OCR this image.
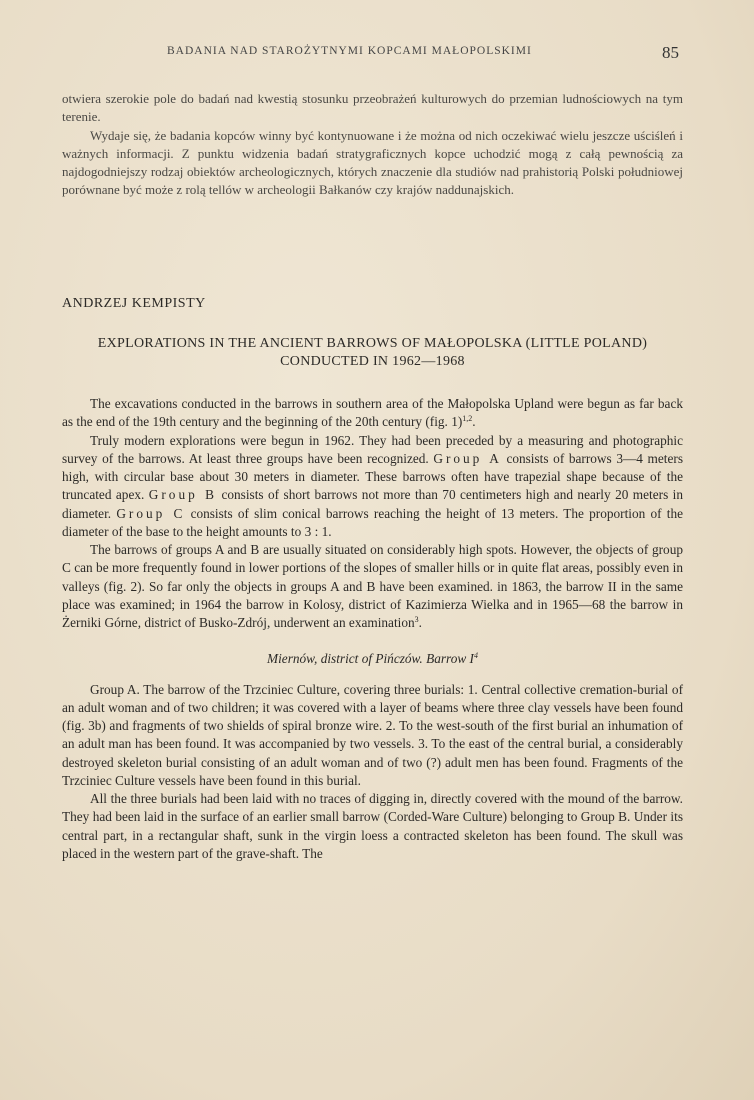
BADANIA NAD STAROŻYTNYMI KOPCAMI MAŁOPOLSKIMI	85

otwiera szerokie pole do badań nad kwestią stosunku przeobrażeń kulturowych do przemian ludnościowych na tym terenie.

Wydaje się, że badania kopców winny być kontynuowane i że można od nich oczekiwać wielu jeszcze uściśleń i ważnych informacji. Z punktu widzenia badań stratygraficznych kopce uchodzić mogą z całą pewnością za najdogodniejszy rodzaj obiektów archeologicznych, których znaczenie dla studiów nad prahistorią Polski południowej porównane być może z rolą tellów w archeologii Bałkanów czy krajów naddunajskich.

ANDRZEJ KEMPISTY
EXPLORATIONS IN THE ANCIENT BARROWS OF MAŁOPOLSKA (LITTLE POLAND) CONDUCTED IN 1962—1968

The excavations conducted in the barrows in southern area of the Małopolska Upland were begun as far back as the end of the 19th century and the beginning of the 20th century (fig. 1)$^{1,2}$.

Truly modern explorations were begun in 1962. They had been preceded by a measuring and photographic survey of the barrows. At least three groups have been recognized. Group A consists of barrows 3—4 meters high, with circular base about 30 meters in diameter. These barrows often have trapezial shape because of the truncated apex. Group B consists of short barrows not more than 70 centimeters high and nearly 20 meters in diameter. Group C consists of slim conical barrows reaching the height of 13 meters. The proportion of the diameter of the base to the height amounts to 3 : 1.

The barrows of groups A and B are usually situated on considerably high spots. However, the objects of group C can be more frequently found in lower portions of the slopes of smaller hills or in quite flat areas, possibly even in valleys (fig. 2). So far only the objects in groups A and B have been examined. in 1863, the barrow II in the same place was examined; in 1964 the barrow in Kolosy, district of Kazimierza Wielka and in 1965—68 the barrow in Żerniki Górne, district of Busko-Zdrój, underwent an examination$^3$.

Miernów, district of Pińczów. Barrow $I^4$

Group A. The barrow of the Trzciniec Culture, covering three burials: 1. Central collective cremation-burial of an adult woman and of two children; it was covered with a layer of beams where three clay vessels have been found (fig. 3b) and fragments of two shields of spiral bronze wire. 2. To the west-south of the first burial an inhumation of an adult man has been found. It was accompanied by two vessels. 3. To the east of the central burial, a considerably destroyed skeleton burial consisting of an adult woman and of two (?) adult men has been found. Fragments of the Trzciniec Culture vessels have been found in this burial.

All the three burials had been laid with no traces of digging in, directly covered with the mound of the barrow. They had been laid in the surface of an earlier small barrow (Corded-Ware Culture) belonging to Group B. Under its central part, in a rectangular shaft, sunk in the virgin loess a contracted skeleton has been found. The skull was placed in the western part of the grave-shaft. The
